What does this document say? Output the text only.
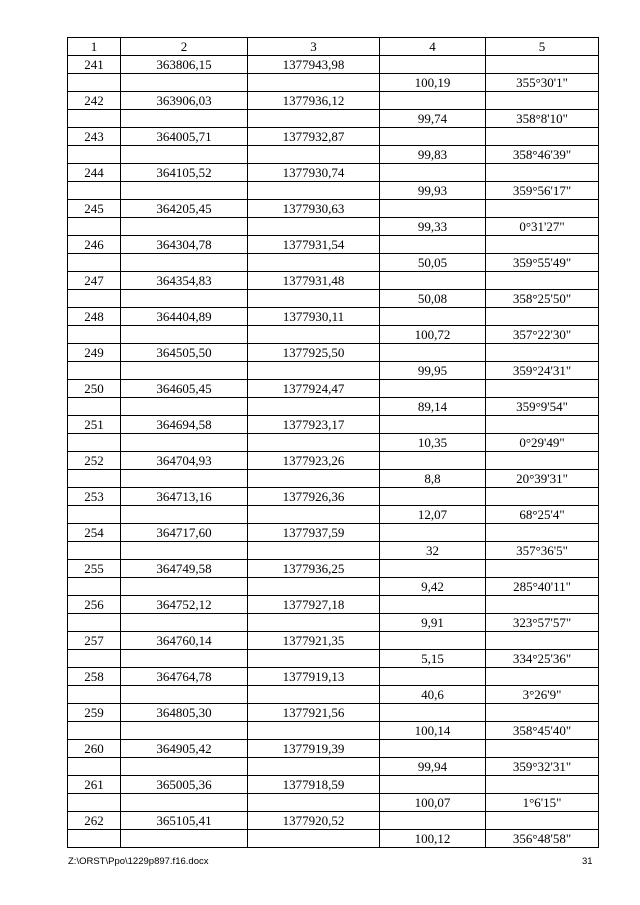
1	2	3	4	5
241	363806,15	1377943,98		
			100,19	355°30'1"
242	363906,03	1377936,12		
			99,74	358°8'10"
243	364005,71	1377932,87		
			99,83	358°46'39"
244	364105,52	1377930,74		
			99,93	359°56'17"
245	364205,45	1377930,63		
			99,33	0°31'27"
246	364304,78	1377931,54		
			50,05	359°55'49"
247	364354,83	1377931,48		
			50,08	358°25'50"
248	364404,89	1377930,11		
			100,72	357°22'30"
249	364505,50	1377925,50		
			99,95	359°24'31"
250	364605,45	1377924,47		
			89,14	359°9'54"
251	364694,58	1377923,17		
			10,35	0°29'49"
252	364704,93	1377923,26		
			8,8	20°39'31"
253	364713,16	1377926,36		
			12,07	68°25'4"
254	364717,60	1377937,59		
			32	357°36'5"
255	364749,58	1377936,25		
			9,42	285°40'11"
256	364752,12	1377927,18		
			9,91	323°57'57"
257	364760,14	1377921,35		
			5,15	334°25'36"
258	364764,78	1377919,13		
			40,6	3°26'9"
259	364805,30	1377921,56		
			100,14	358°45'40"
260	364905,42	1377919,39		
			99,94	359°32'31"
261	365005,36	1377918,59		
			100,07	1°6'15"
262	365105,41	1377920,52		
			100,12	356°48'58"
Z:\ORST\Ppo\1229p897.f16.docx	31
